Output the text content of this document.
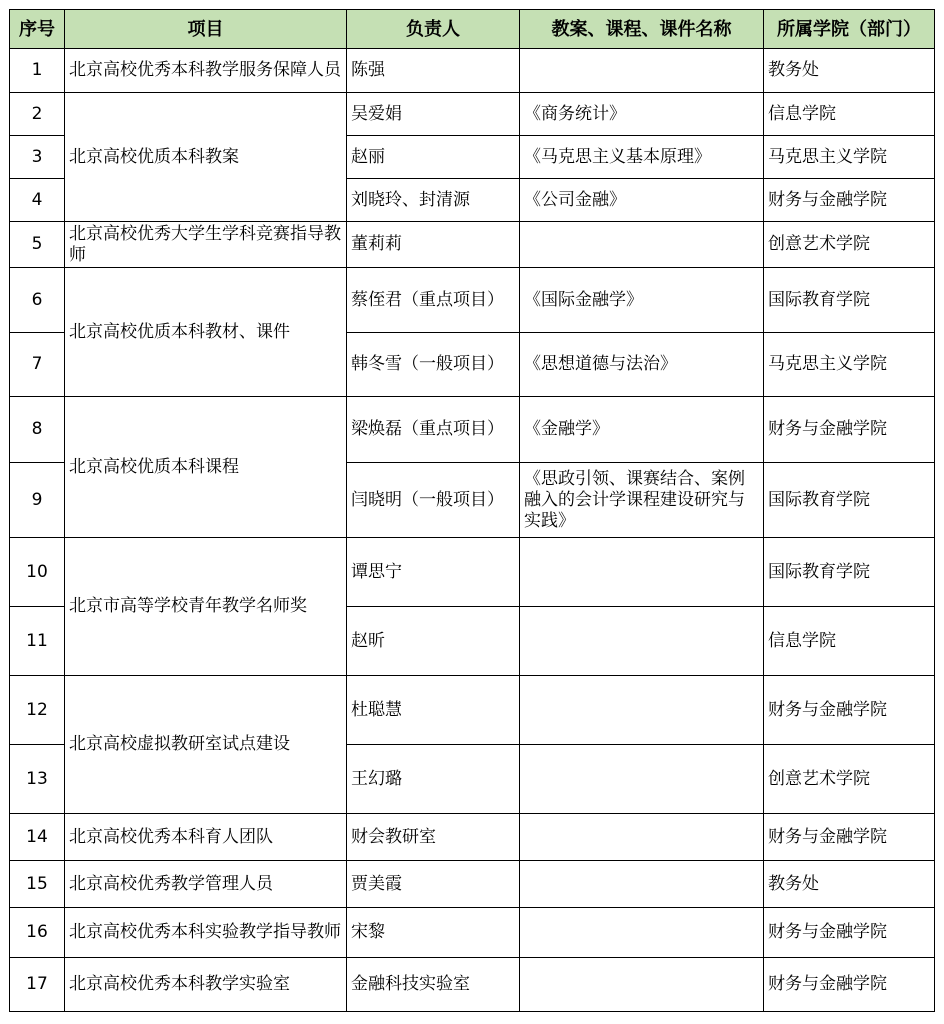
序号	项目	负责人	教案、课程、课件名称	所属学院（部门）
1	北京高校优秀本科教学服务保障人员	陈强		教务处
2	北京高校优质本科教案	吴爱娟	《商务统计》	信息学院
3		赵丽	《马克思主义基本原理》	马克思主义学院
4		刘晓玲、封清源	《公司金融》	财务与金融学院
5	北京高校优秀大学生学科竞赛指导教师	董莉莉		创意艺术学院
6	北京高校优质本科教材、课件	蔡侄君（重点项目）	《国际金融学》	国际教育学院
7		韩冬雪（一般项目）	《思想道德与法治》	马克思主义学院
8	北京高校优质本科课程	梁焕磊（重点项目）	《金融学》	财务与金融学院
9		闫晓明（一般项目）	《思政引领、课赛结合、案例融入的会计学课程建设研究与实践》	国际教育学院
10	北京市高等学校青年教学名师奖	谭思宁		国际教育学院
11		赵昕		信息学院
12	北京高校虚拟教研室试点建设	杜聪慧		财务与金融学院
13		王幻璐		创意艺术学院
14	北京高校优秀本科育人团队	财会教研室		财务与金融学院
15	北京高校优秀教学管理人员	贾美霞		教务处
16	北京高校优秀本科实验教学指导教师	宋黎		财务与金融学院
17	北京高校优秀本科教学实验室	金融科技实验室		财务与金融学院
